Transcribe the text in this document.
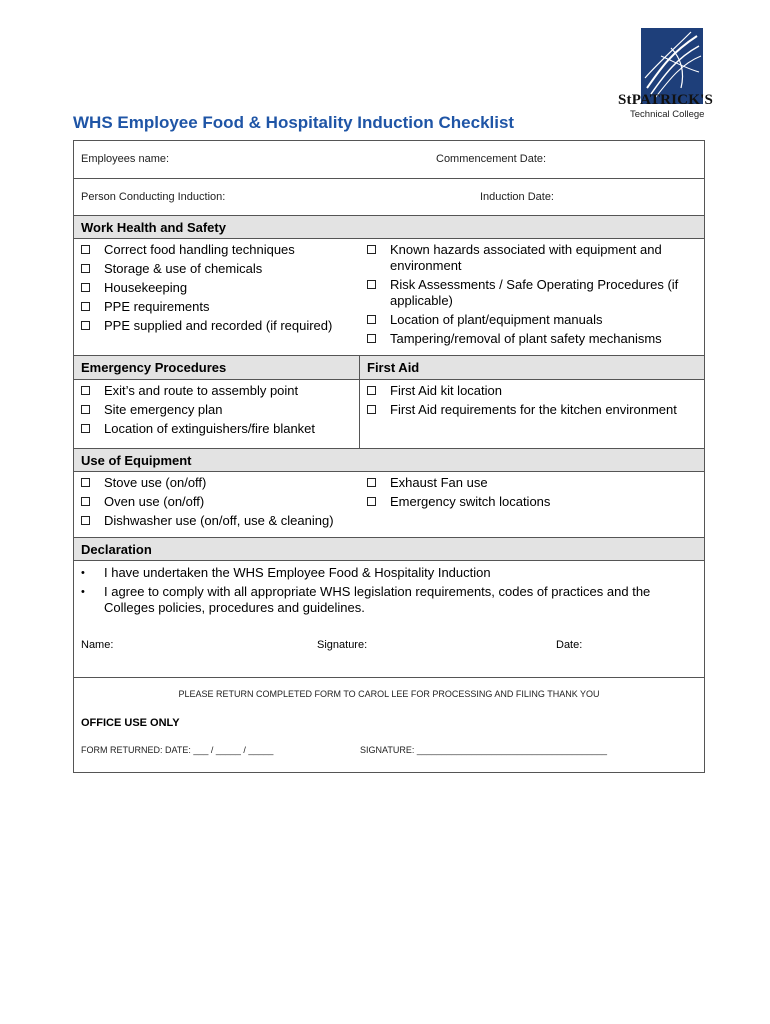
StPATRICK'S
Technical College
WHS Employee Food & Hospitality Induction Checklist
Employees name:	Commencement Date:
Person Conducting Induction:	Induction Date:
Work Health and Safety
Correct food handling techniques
Storage & use of chemicals
Housekeeping
PPE requirements
PPE supplied and recorded (if required)
Known hazards associated with equipment and environment
Risk Assessments / Safe Operating Procedures (if applicable)
Location of plant/equipment manuals
Tampering/removal of plant safety mechanisms
Emergency Procedures	First Aid
Exit’s and route to assembly point
Site emergency plan
Location of extinguishers/fire blanket
First Aid kit location
First Aid requirements for the kitchen environment
Use of Equipment
Stove use (on/off)
Oven use (on/off)
Dishwasher use (on/off, use & cleaning)
Exhaust Fan use
Emergency switch locations
Declaration
•	I have undertaken the WHS Employee Food & Hospitality Induction
•	I agree to comply with all appropriate WHS legislation requirements, codes of practices and the Colleges policies, procedures and guidelines.
Name:	Signature:	Date:
PLEASE RETURN COMPLETED FORM TO CAROL LEE FOR PROCESSING AND FILING THANK YOU
OFFICE USE ONLY
FORM RETURNED: DATE: ___ / _____ / _____	SIGNATURE: ______________________________________
